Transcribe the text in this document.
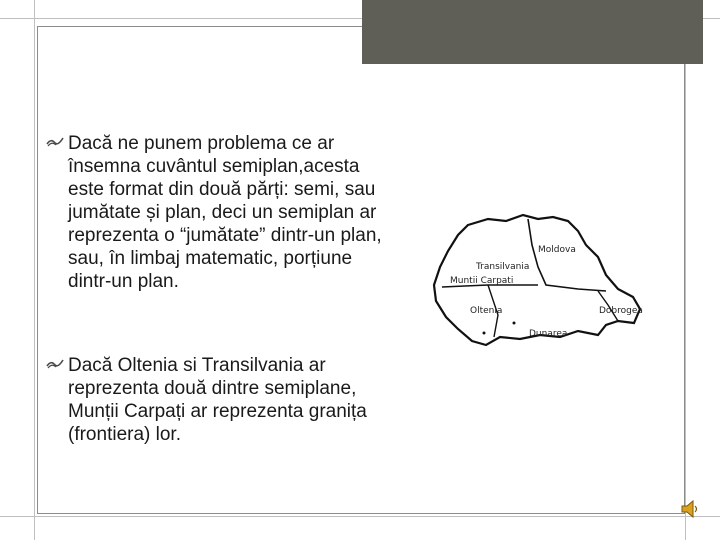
Dacă ne punem problema ce ar însemna cuvântul semiplan,acesta este format din două părți: semi, sau jumătate și plan, deci un semiplan ar reprezenta o “jumătate” dintr-un plan, sau, în limbaj matematic, porțiune dintr-un plan.
Dacă Oltenia si Transilvania ar reprezenta două dintre semiplane, Munții Carpați ar reprezenta granița (frontiera) lor.
Moldova
Transilvania
Muntii Carpati
Oltenia
Dunarea
Dobrogea
